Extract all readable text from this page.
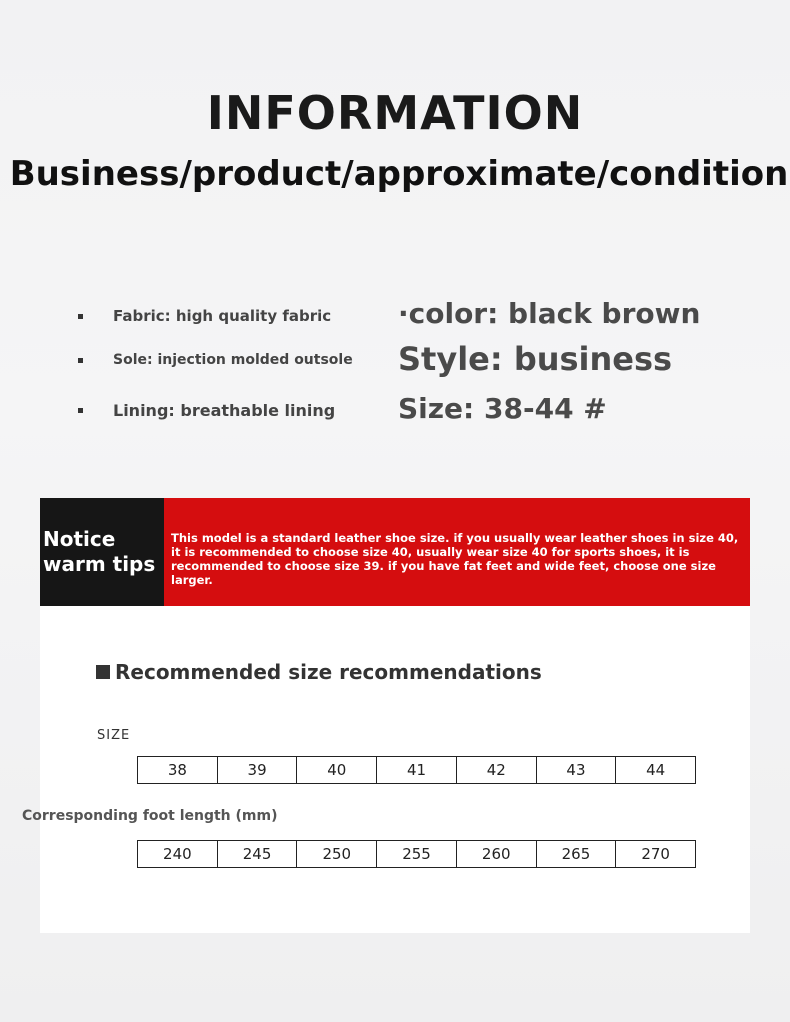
INFORMATION
Business/product/approximate/condition
Fabric: high quality fabric
Sole: injection molded outsole
Lining: breathable lining
·color: black brown
Style: business
Size: 38-44 #
Notice
warm tips
This model is a standard leather shoe size. if you usually wear leather shoes in size 40, it is recommended to choose size 40, usually wear size 40 for sports shoes, it is recommended to choose size 39. if you have fat feet and wide feet, choose one size larger.
Recommended size recommendations
SIZE
38	39	40	41	42	43	44
Corresponding foot length (mm)
240	245	250	255	260	265	270
